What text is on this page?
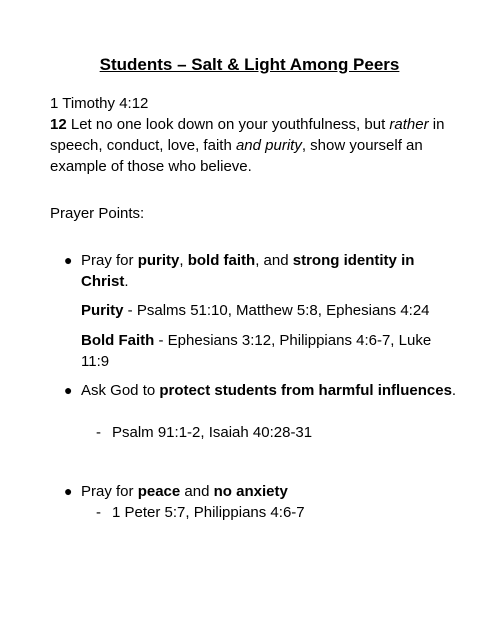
Students – Salt & Light Among Peers
1 Timothy 4:12
12 Let no one look down on your youthfulness, but rather in speech, conduct, love, faith and purity, show yourself an example of those who believe.
Prayer Points:
● Pray for purity, bold faith, and strong identity in Christ.
Purity - Psalms 51:10, Matthew 5:8, Ephesians 4:24
Bold Faith - Ephesians 3:12, Philippians 4:6-7, Luke 11:9
● Ask God to protect students from harmful influences.
- Psalm 91:1-2, Isaiah 40:28-31
● Pray for peace and no anxiety
- 1 Peter 5:7, Philippians 4:6-7
